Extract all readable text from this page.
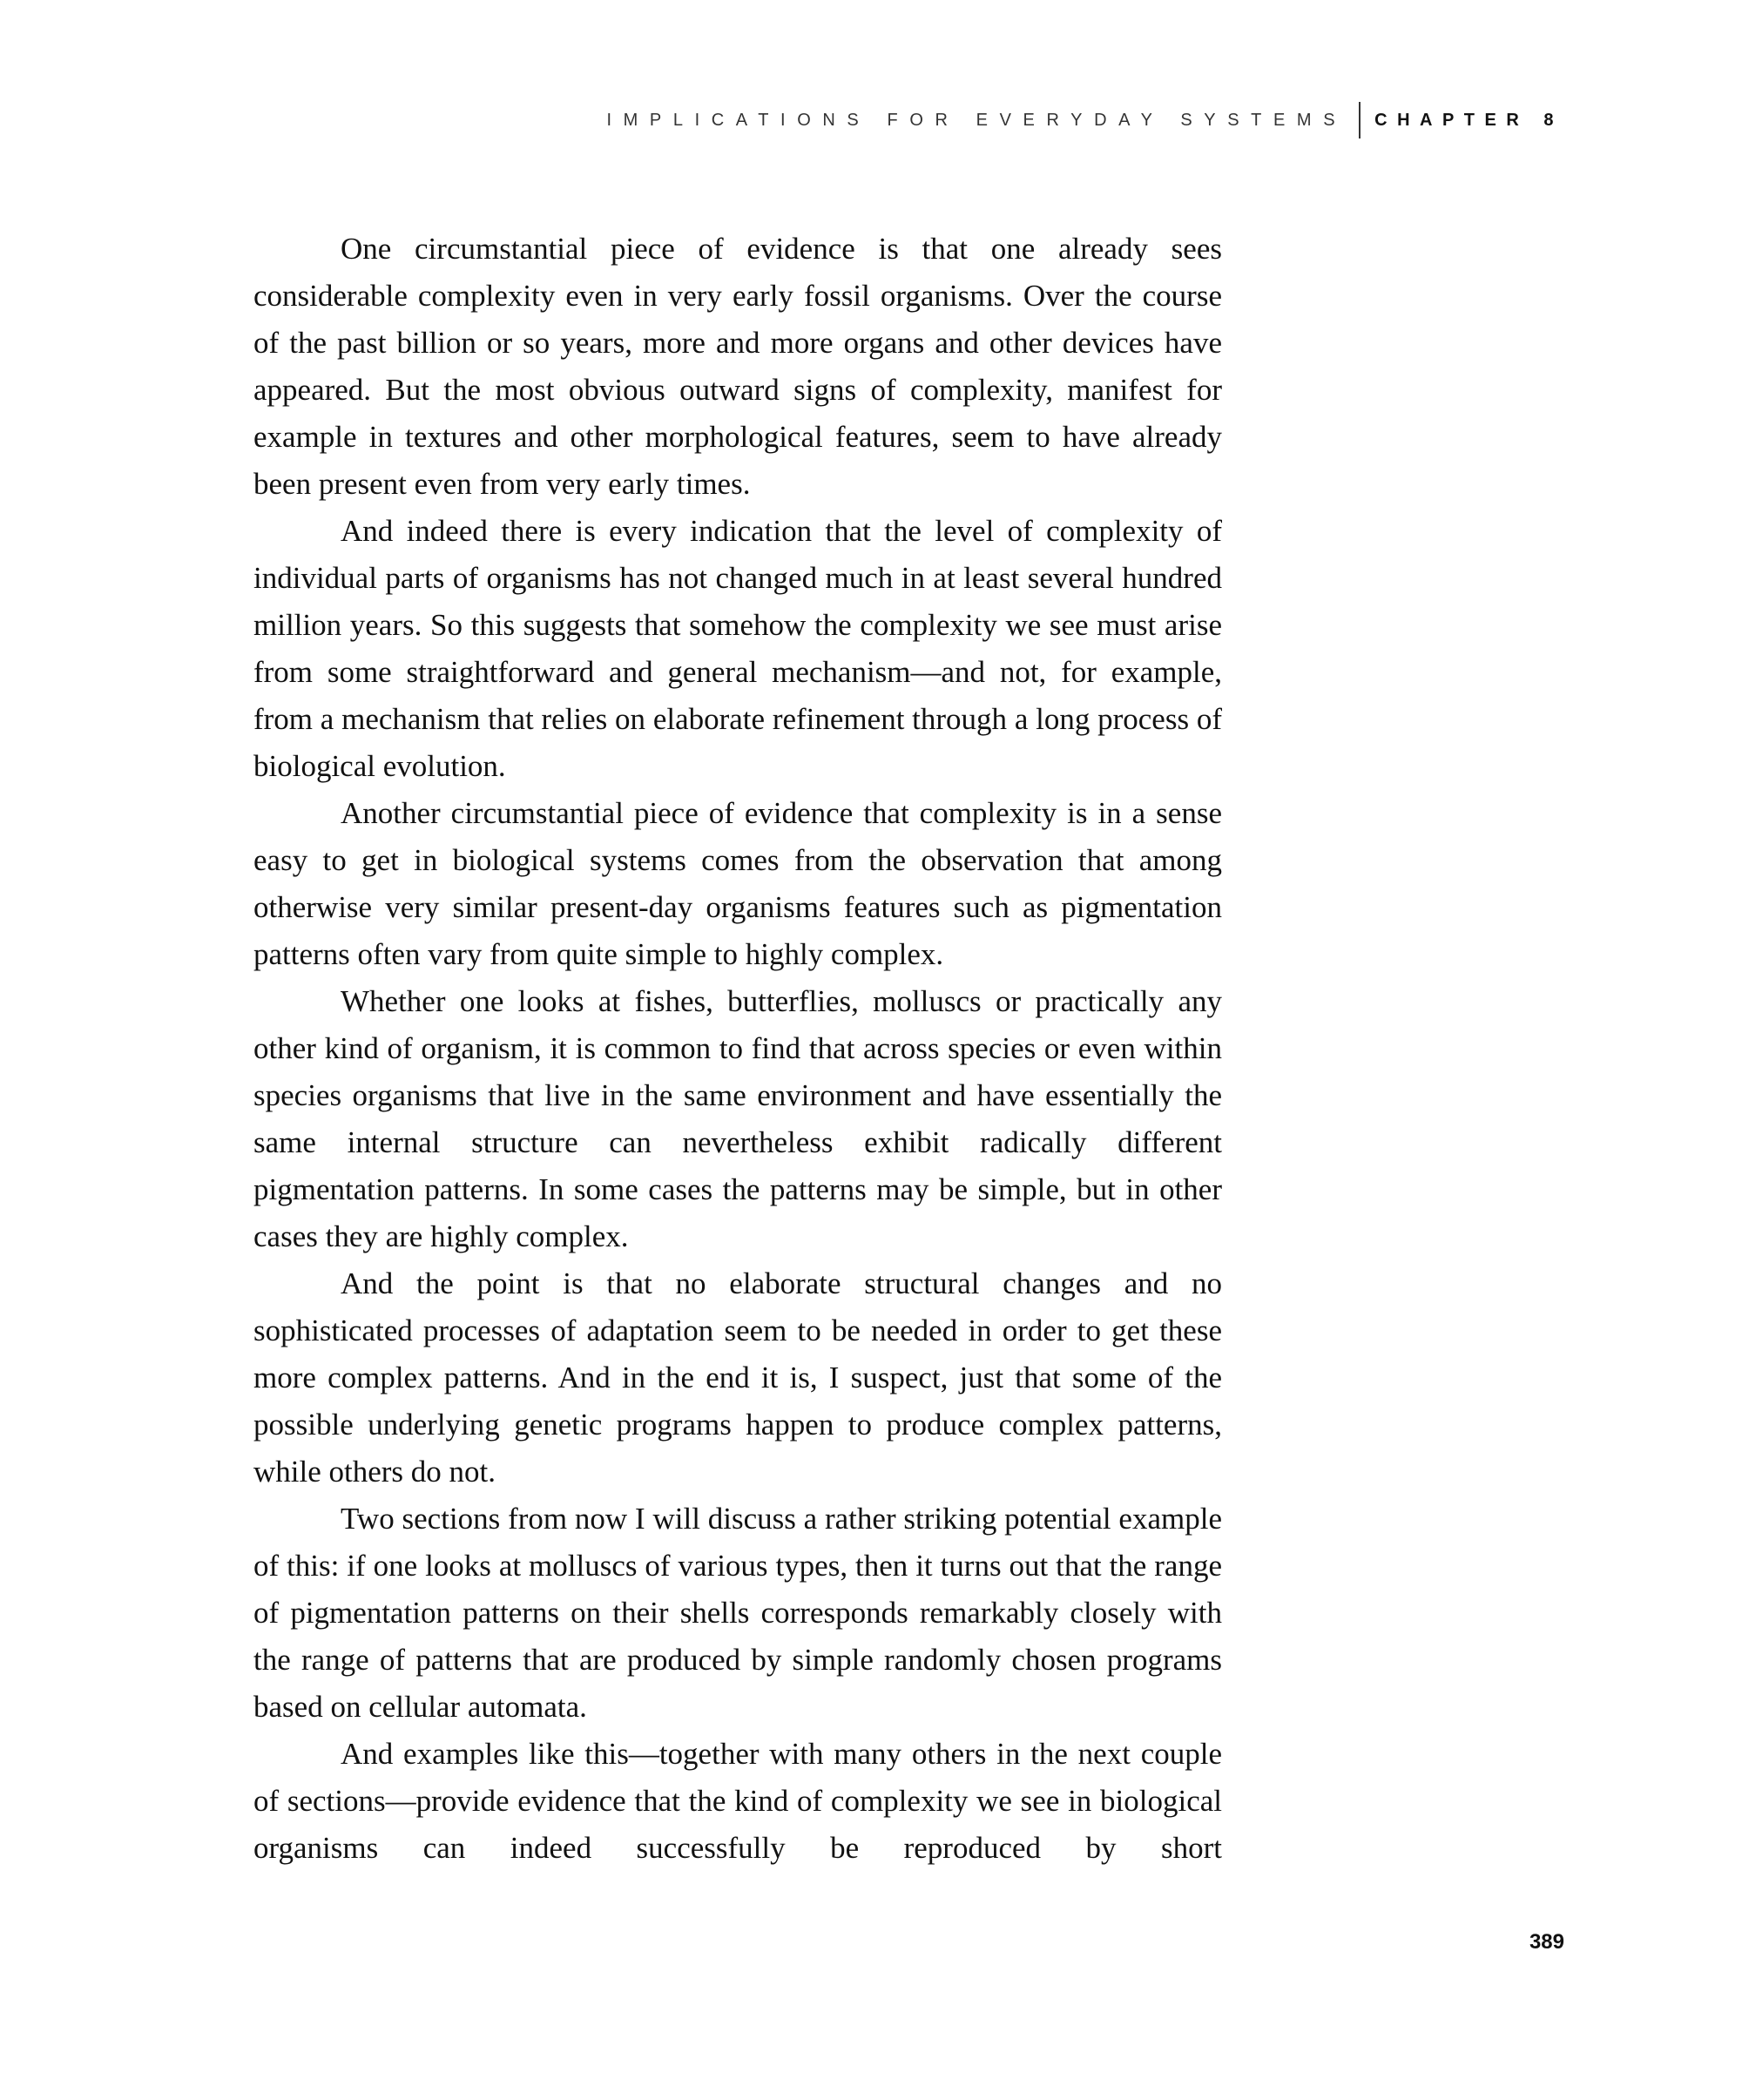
IMPLICATIONS FOR EVERYDAY SYSTEMS CHAPTER 8

One circumstantial piece of evidence is that one already sees considerable complexity even in very early fossil organisms. Over the course of the past billion or so years, more and more organs and other devices have appeared. But the most obvious outward signs of complexity, manifest for example in textures and other morphological features, seem to have already been present even from very early times.

And indeed there is every indication that the level of complexity of individual parts of organisms has not changed much in at least several hundred million years. So this suggests that somehow the complexity we see must arise from some straightforward and general mechanism—and not, for example, from a mechanism that relies on elaborate refinement through a long process of biological evolution.

Another circumstantial piece of evidence that complexity is in a sense easy to get in biological systems comes from the observation that among otherwise very similar present-day organisms features such as pigmentation patterns often vary from quite simple to highly complex.

Whether one looks at fishes, butterflies, molluscs or practically any other kind of organism, it is common to find that across species or even within species organisms that live in the same environment and have essentially the same internal structure can nevertheless exhibit radically different pigmentation patterns. In some cases the patterns may be simple, but in other cases they are highly complex.

And the point is that no elaborate structural changes and no sophisticated processes of adaptation seem to be needed in order to get these more complex patterns. And in the end it is, I suspect, just that some of the possible underlying genetic programs happen to produce complex patterns, while others do not.

Two sections from now I will discuss a rather striking potential example of this: if one looks at molluscs of various types, then it turns out that the range of pigmentation patterns on their shells corresponds remarkably closely with the range of patterns that are produced by simple randomly chosen programs based on cellular automata.

And examples like this—together with many others in the next couple of sections—provide evidence that the kind of complexity we see in biological organisms can indeed successfully be reproduced by short

389
